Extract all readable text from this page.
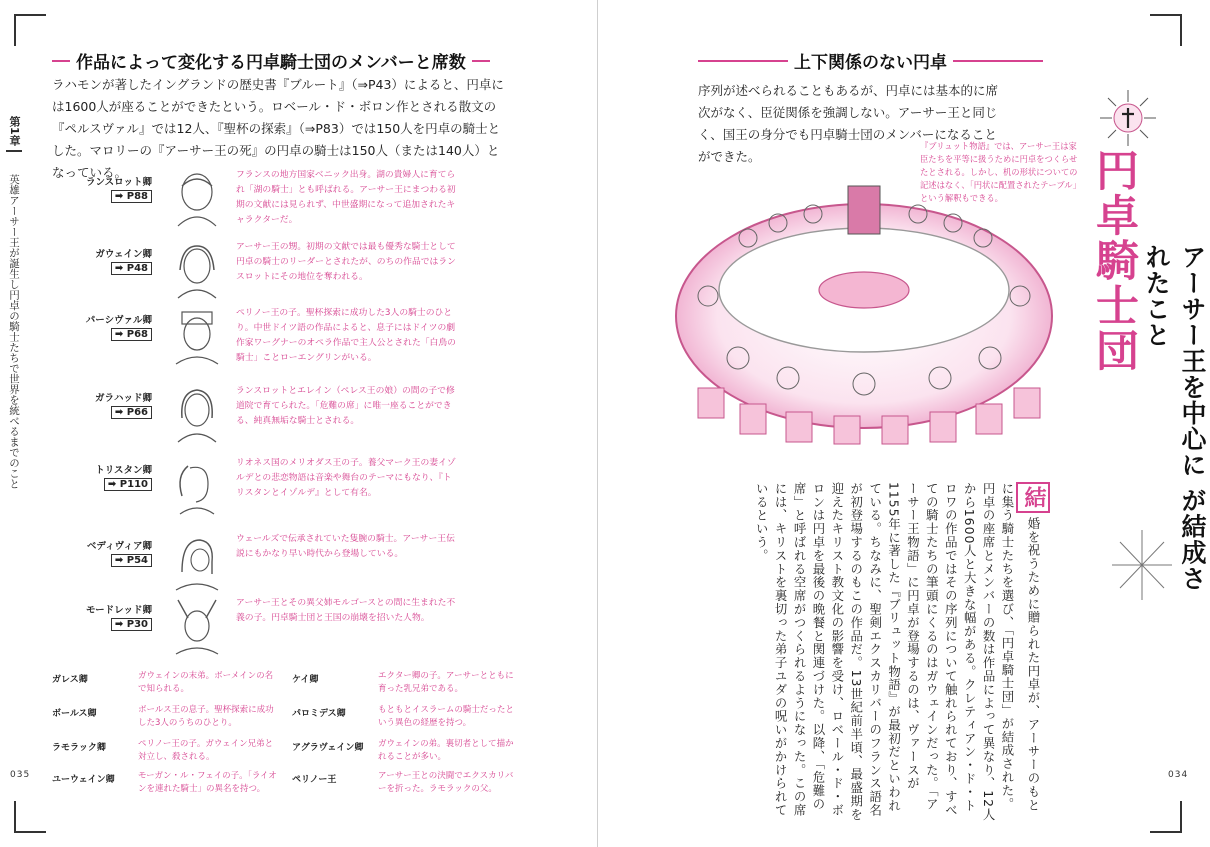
作品によって変化する円卓騎士団のメンバーと席数
ラハモンが著したイングランドの歴史書『ブルート』（⇒P43）によると、円卓には1600人が座ることができたという。ロベール・ド・ボロン作とされる散文の『ペルスヴァル』では12人、『聖杯の探索』（⇒P83）では150人を円卓の騎士とした。マロリーの『アーサー王の死』の円卓の騎士は150人（または140人）となっている。
第1章
英雄アーサー王が誕生し円卓の騎士たちで世界を統べるまでのこと	ランスロット卿
➡ P88
フランスの地方国家ベニック出身。湖の貴婦人に育てられ「湖の騎士」とも呼ばれる。アーサー王にまつわる初期の文献には見られず、中世盛期になって追加されたキャラクターだ。
ガウェイン卿
➡ P48
アーサー王の甥。初期の文献では最も優秀な騎士として円卓の騎士のリーダーとされたが、のちの作品ではランスロットにその地位を奪われる。
パーシヴァル卿
➡ P68
ペリノー王の子。聖杯探索に成功した3人の騎士のひとり。中世ドイツ語の作品によると、息子にはドイツの劇作家ワーグナーのオペラ作品で主人公とされた「白鳥の騎士」ことローエングリンがいる。
ガラハッド卿
➡ P66
ランスロットとエレイン（ペレス王の娘）の間の子で修道院で育てられた。「危難の席」に唯一座ることができる、純真無垢な騎士とされる。
トリスタン卿
➡ P110
リオネス国のメリオダス王の子。養父マーク王の妻イゾルデとの悲恋物語は音楽や舞台のテーマにもなり、『トリスタンとイゾルデ』として有名。
ベディヴィア卿
➡ P54
ウェールズで伝承されていた隻腕の騎士。アーサー王伝説にもかなり早い時代から登場している。
モードレッド卿
➡ P30
アーサー王とその異父姉モルゴースとの間に生まれた不義の子。円卓騎士団と王国の崩壊を招いた人物。
ガレス卿	ガウェインの末弟。ボーメインの名で知られる。
ケイ卿	エクター卿の子。アーサーとともに育った乳兄弟である。
ボールス卿	ボールス王の息子。聖杯探索に成功した3人のうちのひとり。
パロミデス卿	もともとイスラームの騎士だったという異色の経歴を持つ。
ラモラック卿	ペリノー王の子。ガウェイン兄弟と対立し、殺される。
アグラヴェイン卿 ガウェインの弟。裏切者として描かれることが多い。
ユーウェイン卿	モーガン・ル・フェイの子。「ライオンを連れた騎士」の異名を持つ。
ペリノー王	アーサー王との決闘でエクスカリバーを折った。ラモラックの父。
035
上下関係のない円卓
序列が述べられることもあるが、円卓には基本的に席次がなく、臣従関係を強調しない。アーサー王と同じく、国王の身分でも円卓騎士団のメンバーになることができた。
『ブリュット物語』では、アーサー王は家臣たちを平等に扱うために円卓をつくらせたとされる。しかし、机の形状についての記述はなく、「円状に配置されたテーブル」という解釈もできる。	円卓騎士団	アーサー王を中心に が結成されたこと
結婚を祝うために贈られた円卓が、アーサーのもとに集う騎士たちを選び、「円卓騎士団」が結成された。円卓の座席とメンバーの数は作品によって異なり、12人から1600人と大きな幅がある。クレティアン・ド・トロワの作品ではその序列について触れられており、すべての騎士たちの筆頭にくるのはガウェインだった。「アーサー王物語」に円卓が登場するのは、ヴァースが1155年に著した『ブリュット物語』が最初だといわれている。ちなみに、聖剣エクスカリバーのフランス語名が初登場するのもこの作品だ。13世紀前半頃、最盛期を迎えたキリスト教文化の影響を受け、ロベール・ド・ボロンは円卓を最後の晩餐と関連づけた。以降、「危難の席」と呼ばれる空席がつくられるようになった。この席には、キリストを裏切った弟子ユダの呪いがかけられているという。
034
